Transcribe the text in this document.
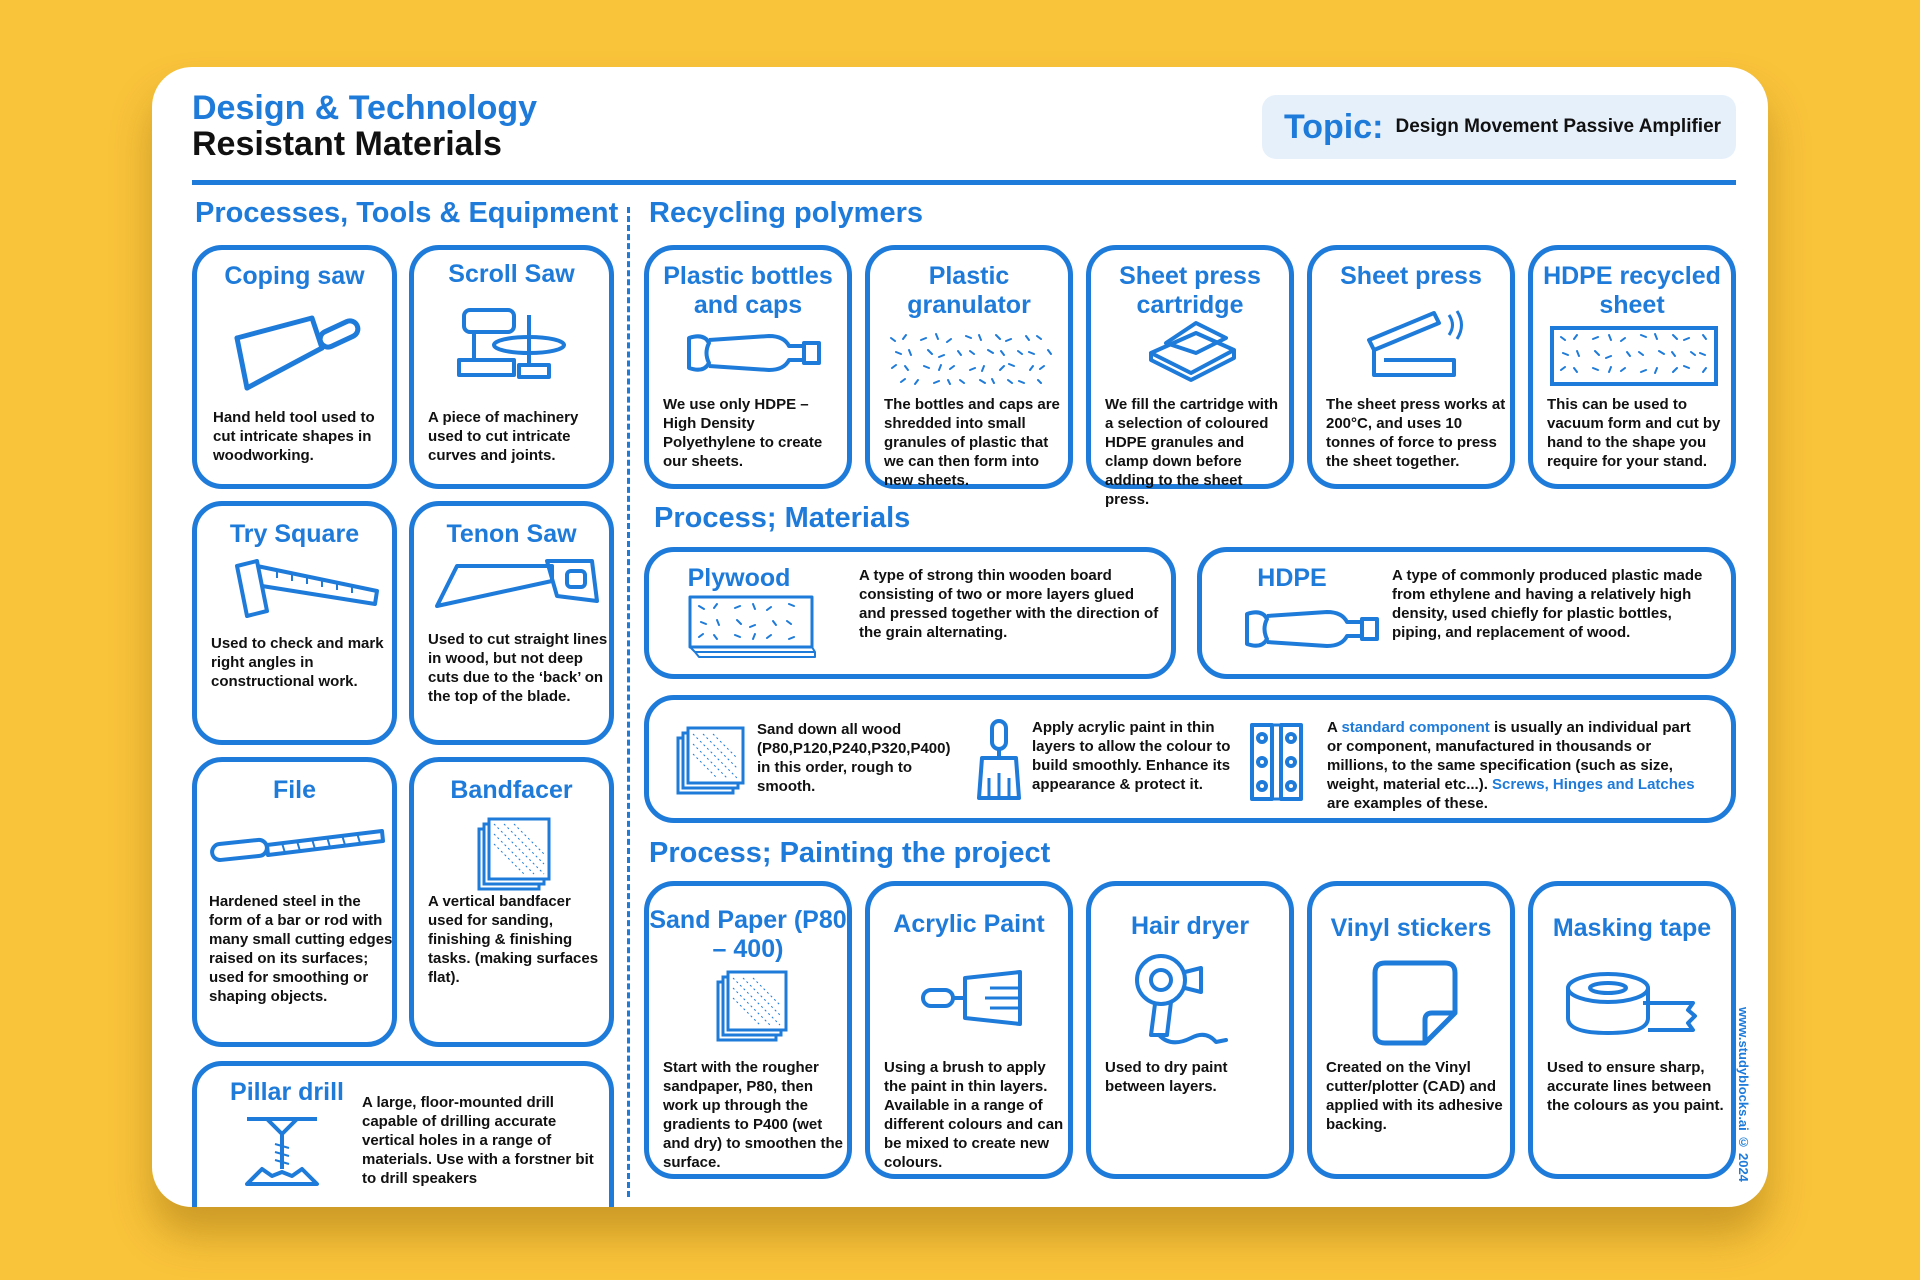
Design & Technology
Resistant Materials	Topic: Design Movement Passive Amplifier
Processes, Tools & Equipment
Coping saw
Hand held tool used to cut intricate shapes in woodworking.
Scroll Saw
A piece of machinery used to cut intricate curves and joints.
Try Square
Used to check and mark right angles in constructional work.
Tenon Saw
Used to cut straight lines in wood, but not deep cuts due to the ‘back’ on the top of the blade.
File
Hardened steel in the form of a bar or rod with many small cutting edges raised on its surfaces; used for smoothing or shaping objects.
Bandfacer
A vertical bandfacer used for sanding, finishing & finishing tasks. (making surfaces flat).
Pillar drill	A large, floor-mounted drill capable of drilling accurate vertical holes in a range of materials. Use with a forstner bit to drill speakers
Recycling polymers
Plastic bottles and caps
We use only HDPE – High Density Polyethylene to create our sheets.
Plastic granulator
The bottles and caps are shredded into small granules of plastic that we can then form into new sheets.
Sheet press cartridge
We fill the cartridge with a selection of coloured HDPE granules and clamp down before adding to the sheet press.
Sheet press
The sheet press works at 200°C, and uses 10 tonnes of force to press the sheet together.
HDPE recycled sheet
This can be used to vacuum form and cut by hand to the shape you require for your stand.
Process; Materials
Plywood	A type of strong thin wooden board consisting of two or more layers glued and pressed together with the direction of the grain alternating.
HDPE	A type of commonly produced plastic made from ethylene and having a relatively high density, used chiefly for plastic bottles, piping, and replacement of wood.
Sand down all wood (P80,P120,P240,P320,P400) in this order, rough to smooth.
Apply acrylic paint in thin layers to allow the colour to build smoothly. Enhance its appearance & protect it.
A standard component is usually an individual part or component, manufactured in thousands or millions, to the same specification (such as size, weight, material etc...). Screws, Hinges and Latches are examples of these.
Process; Painting the project
Sand Paper (P80 – 400)
Start with the rougher sandpaper, P80, then work up through the gradients to P400 (wet and dry) to smoothen the surface.
Acrylic Paint
Using a brush to apply the paint in thin layers. Available in a range of different colours and can be mixed to create new colours.
Hair dryer
Used to dry paint between layers.
Vinyl stickers
Created on the Vinyl cutter/plotter (CAD) and applied with its adhesive backing.
Masking tape
Used to ensure sharp, accurate lines between the colours as you paint. www.studyblocks.ai © 2024
